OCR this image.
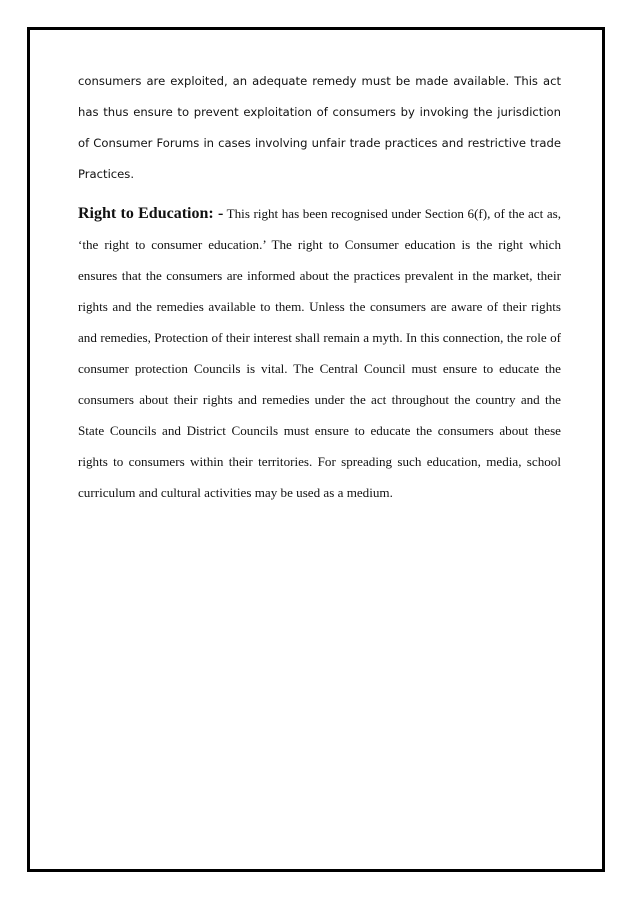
consumers are exploited, an adequate remedy must be made available. This act has thus ensure to prevent exploitation of consumers by invoking the jurisdiction of Consumer Forums in cases involving unfair trade practices and restrictive trade Practices.

Right to Education: - This right has been recognised under Section 6(f), of the act as, ‘the right to consumer education.’ The right to Consumer education is the right which ensures that the consumers are informed about the practices prevalent in the market, their rights and the remedies available to them. Unless the consumers are aware of their rights and remedies, Protection of their interest shall remain a myth. In this connection, the role of consumer protection Councils is vital. The Central Council must ensure to educate the consumers about their rights and remedies under the act throughout the country and the State Councils and District Councils must ensure to educate the consumers about these rights to consumers within their territories. For spreading such education, media, school curriculum and cultural activities may be used as a medium.
